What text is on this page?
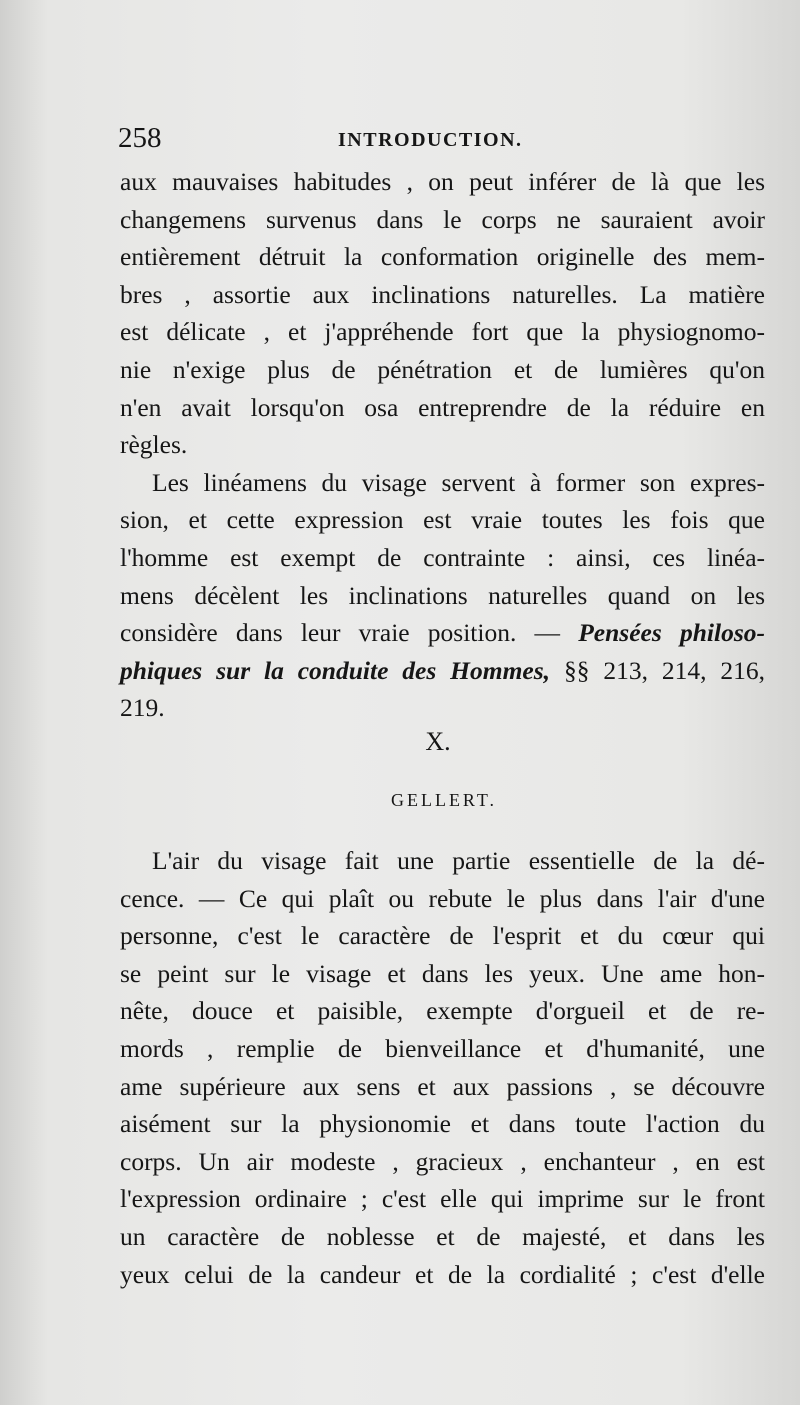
258	INTRODUCTION.
aux mauvaises habitudes , on peut inférer de là que les
changemens survenus dans le corps ne sauraient avoir
entièrement détruit la conformation originelle des mem-
bres , assortie aux inclinations naturelles. La matière
est délicate , et j'appréhende fort que la physiognomo-
nie n'exige plus de pénétration et de lumières qu'on
n'en avait lorsqu'on osa entreprendre de la réduire en
règles.
Les linéamens du visage servent à former son expres-
sion, et cette expression est vraie toutes les fois que
l'homme est exempt de contrainte : ainsi, ces linéa-
mens décèlent les inclinations naturelles quand on les
considère dans leur vraie position. — Pensées philoso-
phiques sur la conduite des Hommes, §§ 213, 214, 216,
219.
X.
GELLERT.
L'air du visage fait une partie essentielle de la dé-
cence. — Ce qui plaît ou rebute le plus dans l'air d'une
personne, c'est le caractère de l'esprit et du cœur qui
se peint sur le visage et dans les yeux. Une ame hon-
nête, douce et paisible, exempte d'orgueil et de re-
mords , remplie de bienveillance et d'humanité, une
ame supérieure aux sens et aux passions , se découvre
aisément sur la physionomie et dans toute l'action du
corps. Un air modeste , gracieux , enchanteur , en est
l'expression ordinaire ; c'est elle qui imprime sur le front
un caractère de noblesse et de majesté, et dans les
yeux celui de la candeur et de la cordialité ; c'est d'elle
